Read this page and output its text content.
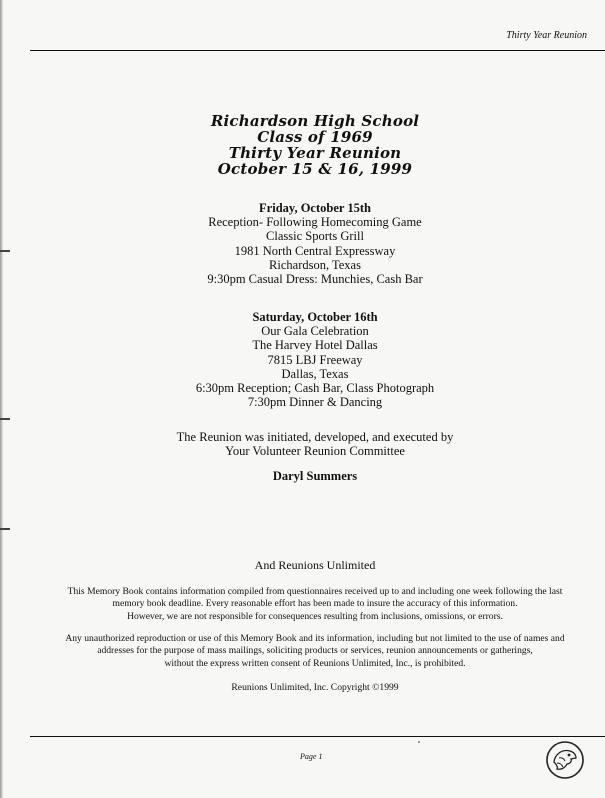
Thirty Year Reunion
Richardson High School
Class of 1969
Thirty Year Reunion
October 15 & 16, 1999
Friday, October 15th
Reception- Following Homecoming Game
Classic Sports Grill
1981 North Central Expressway
Richardson, Texas
9:30pm Casual Dress: Munchies, Cash Bar
Saturday, October 16th
Our Gala Celebration
The Harvey Hotel Dallas
7815 LBJ Freeway
Dallas, Texas
6:30pm Reception; Cash Bar, Class Photograph
7:30pm Dinner & Dancing
The Reunion was initiated, developed, and executed by
Your Volunteer Reunion Committee
Daryl Summers
And Reunions Unlimited
This Memory Book contains information compiled from questionnaires received up to and including one week following the last
memory book deadline. Every reasonable effort has been made to insure the accuracy of this information.
However, we are not responsible for consequences resulting from inclusions, omissions, or errors.
Any unauthorized reproduction or use of this Memory Book and its information, including but not limited to the use of names and
addresses for the purpose of mass mailings, soliciting products or services, reunion announcements or gatherings,
without the express written consent of Reunions Unlimited, Inc., is prohibited.
Reunions Unlimited, Inc. Copyright ©1999
Page 1
